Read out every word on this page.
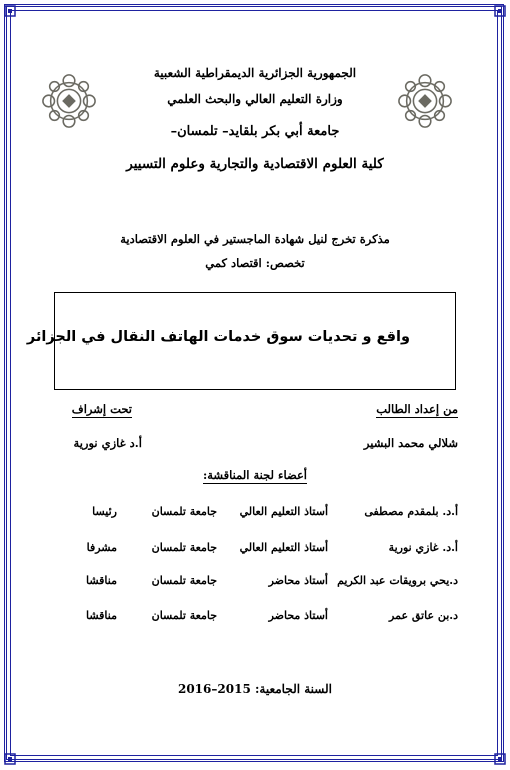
الجمهورية الجزائرية الديمقراطية الشعبية
وزارة التعليم العالي والبحث العلمي
جامعة أبي بكر بلقايد– تلمسان–
كلية العلوم الاقتصادية والتجارية وعلوم التسيير
مذكرة تخرج لنيل شهادة الماجستير في العلوم الاقتصادية
تخصص: اقتصاد كمي
واقع و تحديات سوق خدمات الهاتف النقال في الجزائر
من إعداد الطالب
تحت إشراف
شلالي محمد البشير
أ.د غازي نورية
أعضاء لجنة المناقشة:
أ.د. بلمقدم مصطفى
أستاذ التعليم العالي
جامعة تلمسان
رئيسا
أ.د. غازي نورية
أستاذ التعليم العالي
جامعة تلمسان
مشرفا
د.يحي برويقات عبد الكريم
أستاذ محاضر
جامعة تلمسان
مناقشا
د.بن عاتق عمر
أستاذ محاضر
جامعة تلمسان
مناقشا
السنة الجامعية: 2015–2016
